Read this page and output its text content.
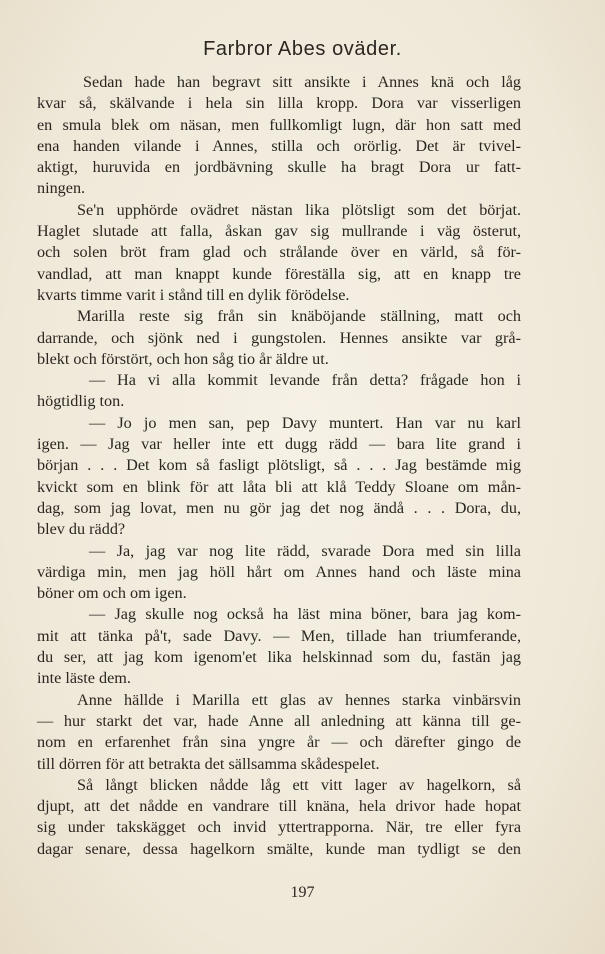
Farbror Abes oväder.
Sedan hade han begravt sitt ansikte i Annes knä och låg
kvar så, skälvande i hela sin lilla kropp. Dora var visserligen
en smula blek om näsan, men fullkomligt lugn, där hon satt med
ena handen vilande i Annes, stilla och orörlig. Det är tvivel-
aktigt, huruvida en jordbävning skulle ha bragt Dora ur fatt-
ningen.
Se'n upphörde ovädret nästan lika plötsligt som det börjat.
Haglet slutade att falla, åskan gav sig mullrande i väg österut,
och solen bröt fram glad och strålande över en värld, så för-
vandlad, att man knappt kunde föreställa sig, att en knapp tre
kvarts timme varit i stånd till en dylik förödelse.
Marilla reste sig från sin knäböjande ställning, matt och
darrande, och sjönk ned i gungstolen. Hennes ansikte var grå-
blekt och förstört, och hon såg tio år äldre ut.
— Ha vi alla kommit levande från detta? frågade hon i
högtidlig ton.
— Jo jo men san, pep Davy muntert. Han var nu karl
igen. — Jag var heller inte ett dugg rädd — bara lite grand i
början . . . Det kom så fasligt plötsligt, så . . . Jag bestämde mig
kvickt som en blink för att låta bli att klå Teddy Sloane om mån-
dag, som jag lovat, men nu gör jag det nog ändå . . . Dora, du,
blev du rädd?
— Ja, jag var nog lite rädd, svarade Dora med sin lilla
värdiga min, men jag höll hårt om Annes hand och läste mina
böner om och om igen.
— Jag skulle nog också ha läst mina böner, bara jag kom-
mit att tänka på't, sade Davy. — Men, tillade han triumferande,
du ser, att jag kom igenom'et lika helskinnad som du, fastän jag
inte läste dem.
Anne hällde i Marilla ett glas av hennes starka vinbärsvin
— hur starkt det var, hade Anne all anledning att känna till ge-
nom en erfarenhet från sina yngre år — och därefter gingo de
till dörren för att betrakta det sällsamma skådespelet.
Så långt blicken nådde låg ett vitt lager av hagelkorn, så
djupt, att det nådde en vandrare till knäna, hela drivor hade hopat
sig under takskägget och invid yttertrapporna. När, tre eller fyra
dagar senare, dessa hagelkorn smälte, kunde man tydligt se den
197
